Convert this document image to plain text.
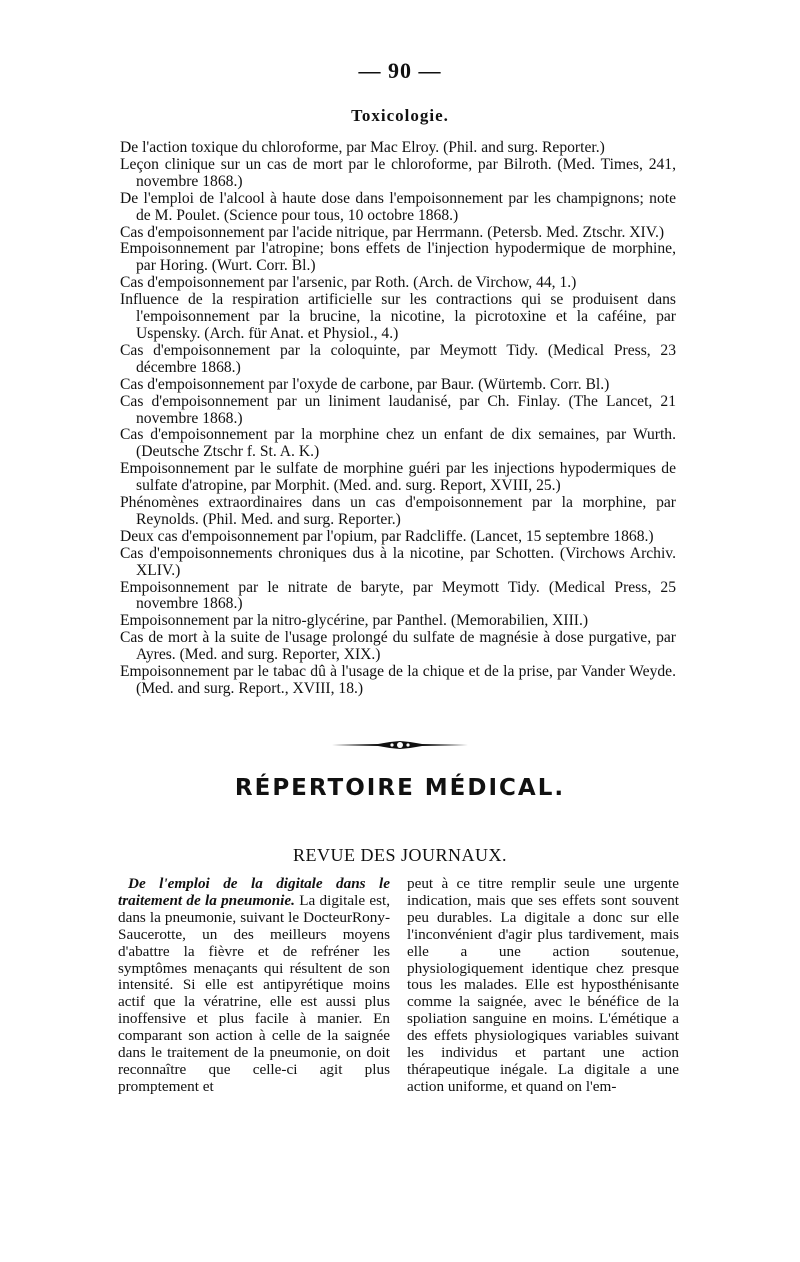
— 90 —
Toxicologie.

De l'action toxique du chloroforme, par Mac Elroy. (Phil. and surg. Reporter.)

Leçon clinique sur un cas de mort par le chloroforme, par Bilroth. (Med. Times, 241, novembre 1868.)

De l'emploi de l'alcool à haute dose dans l'empoisonnement par les champignons; note de M. Poulet. (Science pour tous, 10 octobre 1868.)

Cas d'empoisonnement par l'acide nitrique, par Herrmann. (Petersb. Med. Ztschr. XIV.)

Empoisonnement par l'atropine; bons effets de l'injection hypodermique de morphine, par Horing. (Wurt. Corr. Bl.)

Cas d'empoisonnement par l'arsenic, par Roth. (Arch. de Virchow, 44, 1.)

Influence de la respiration artificielle sur les contractions qui se produisent dans l'empoisonnement par la brucine, la nicotine, la picrotoxine et la caféine, par Uspensky. (Arch. für Anat. et Physiol., 4.)

Cas d'empoisonnement par la coloquinte, par Meymott Tidy. (Medical Press, 23 décembre 1868.)

Cas d'empoisonnement par l'oxyde de carbone, par Baur. (Würtemb. Corr. Bl.)

Cas d'empoisonnement par un liniment laudanisé, par Ch. Finlay. (The Lancet, 21 novembre 1868.)

Cas d'empoisonnement par la morphine chez un enfant de dix semaines, par Wurth. (Deutsche Ztschr f. St. A. K.)

Empoisonnement par le sulfate de morphine guéri par les injections hypodermiques de sulfate d'atropine, par Morphit. (Med. and. surg. Report, XVIII, 25.)

Phénomènes extraordinaires dans un cas d'empoisonnement par la morphine, par Reynolds. (Phil. Med. and surg. Reporter.)

Deux cas d'empoisonnement par l'opium, par Radcliffe. (Lancet, 15 septembre 1868.)

Cas d'empoisonnements chroniques dus à la nicotine, par Schotten. (Virchows Archiv. XLIV.)

Empoisonnement par le nitrate de baryte, par Meymott Tidy. (Medical Press, 25 novembre 1868.)

Empoisonnement par la nitro-glycérine, par Panthel. (Memorabilien, XIII.)

Cas de mort à la suite de l'usage prolongé du sulfate de magnésie à dose purgative, par Ayres. (Med. and surg. Reporter, XIX.)

Empoisonnement par le tabac dû à l'usage de la chique et de la prise, par Vander Weyde. (Med. and surg. Report., XVIII, 18.)

RÉPERTOIRE MÉDICAL.
REVUE DES JOURNAUX.

De l'emploi de la digitale dans le traitement de la pneumonie. La digitale est, dans la pneumonie, suivant le DocteurRony-Saucerotte, un des meilleurs moyens d'abattre la fièvre et de refréner les symptômes menaçants qui résultent de son intensité. Si elle est antipyrétique moins actif que la vératrine, elle est aussi plus inoffensive et plus facile à manier. En comparant son action à celle de la saignée dans le traitement de la pneumonie, on doit reconnaître que celle-ci agit plus promptement et

peut à ce titre remplir seule une urgente indication, mais que ses effets sont souvent peu durables. La digitale a donc sur elle l'inconvénient d'agir plus tardivement, mais elle a une action soutenue, physiologiquement identique chez presque tous les malades. Elle est hyposthénisante comme la saignée, avec le bénéfice de la spoliation sanguine en moins. L'émétique a des effets physiologiques variables suivant les individus et partant une action thérapeutique inégale. La digitale a une action uniforme, et quand on l'em-
